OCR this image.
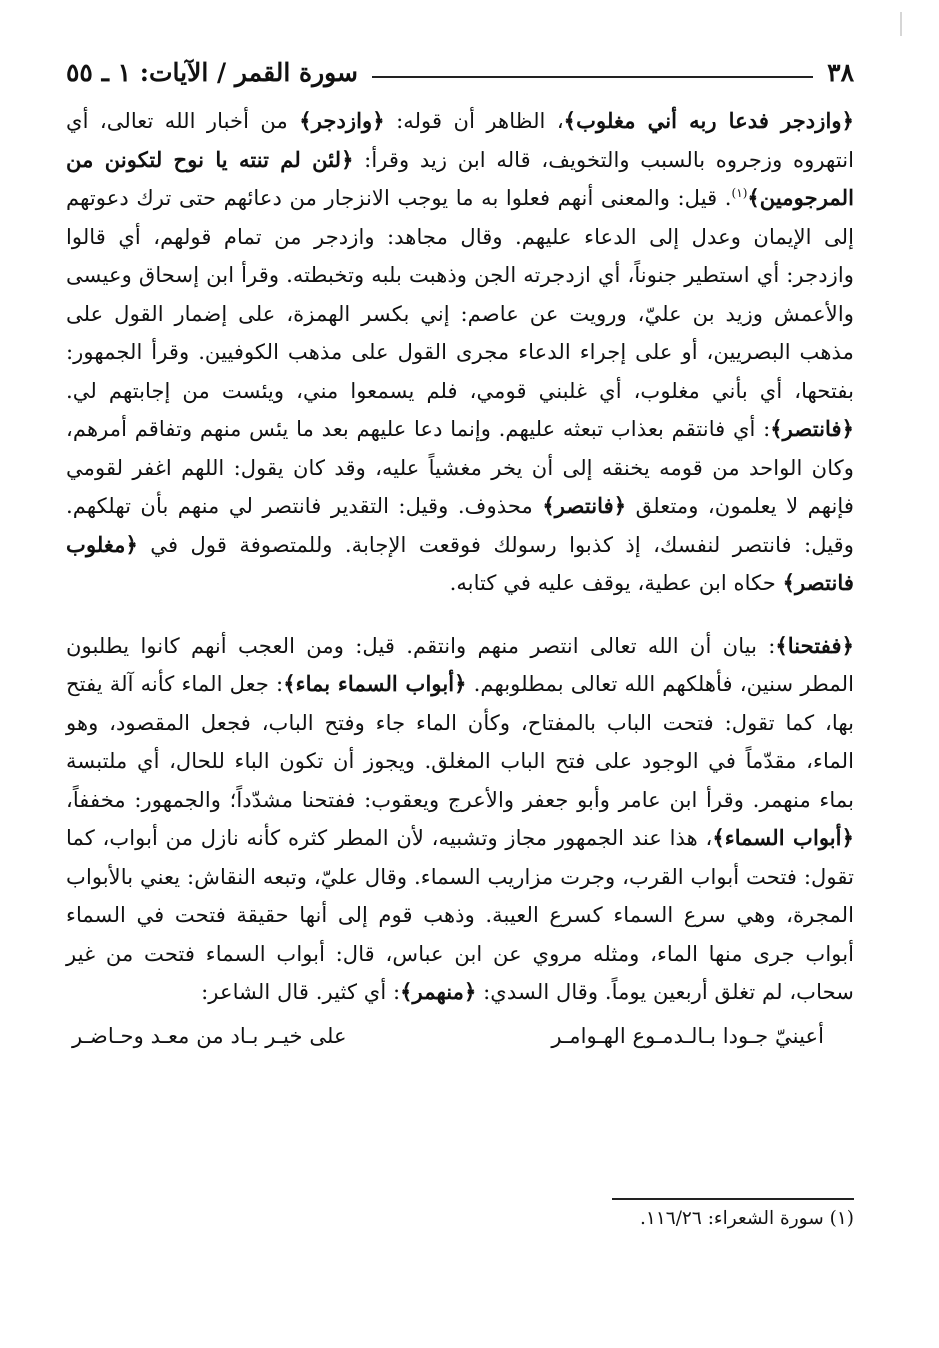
٣٨
سورة القمر / الآيات: ١ ـ ٥٥

﴿وازدجر فدعا ربه أني مغلوب﴾، الظاهر أن قوله: ﴿وازدجر﴾ من أخبار الله تعالى، أي انتهروه وزجروه بالسبب والتخويف، قاله ابن زيد وقرأ: ﴿لئن لم تنته يا نوح لتكونن من المرجومين﴾$^{(١)}$. قيل: والمعنى أنهم فعلوا به ما يوجب الانزجار من دعائهم حتى ترك دعوتهم إلى الإيمان وعدل إلى الدعاء عليهم. وقال مجاهد: وازدجر من تمام قولهم، أي قالوا وازدجر: أي استطير جنوناً، أي ازدجرته الجن وذهبت بلبه وتخبطته. وقرأ ابن إسحاق وعيسى والأعمش وزيد بن عليّ، ورويت عن عاصم: إني بكسر الهمزة، على إضمار القول على مذهب البصريين، أو على إجراء الدعاء مجرى القول على مذهب الكوفيين. وقرأ الجمهور: بفتحها، أي بأني مغلوب، أي غلبني قومي، فلم يسمعوا مني، ويئست من إجابتهم لي. ﴿فانتصر﴾: أي فانتقم بعذاب تبعثه عليهم. وإنما دعا عليهم بعد ما يئس منهم وتفاقم أمرهم، وكان الواحد من قومه يخنقه إلى أن يخر مغشياً عليه، وقد كان يقول: اللهم اغفر لقومي فإنهم لا يعلمون، ومتعلق ﴿فانتصر﴾ محذوف. وقيل: التقدير فانتصر لي منهم بأن تهلكهم. وقيل: فانتصر لنفسك، إذ كذبوا رسولك فوقعت الإجابة. وللمتصوفة قول في ﴿مغلوب فانتصر﴾ حكاه ابن عطية، يوقف عليه في كتابه.

﴿ففتحنا﴾: بيان أن الله تعالى انتصر منهم وانتقم. قيل: ومن العجب أنهم كانوا يطلبون المطر سنين، فأهلكهم الله تعالى بمطلوبهم. ﴿أبواب السماء بماء﴾: جعل الماء كأنه آلة يفتح بها، كما تقول: فتحت الباب بالمفتاح، وكأن الماء جاء وفتح الباب، فجعل المقصود، وهو الماء، مقدّماً في الوجود على فتح الباب المغلق. ويجوز أن تكون الباء للحال، أي ملتبسة بماء منهمر. وقرأ ابن عامر وأبو جعفر والأعرج ويعقوب: ففتحنا مشدّداً؛ والجمهور: مخففاً، ﴿أبواب السماء﴾، هذا عند الجمهور مجاز وتشبيه، لأن المطر كثره كأنه نازل من أبواب، كما تقول: فتحت أبواب القرب، وجرت مزاريب السماء. وقال عليّ، وتبعه النقاش: يعني بالأبواب المجرة، وهي سرع السماء كسرع العيبة. وذهب قوم إلى أنها حقيقة فتحت في السماء أبواب جرى منها الماء، ومثله مروي عن ابن عباس، قال: أبواب السماء فتحت من غير سحاب، لم تغلق أربعين يوماً. وقال السدي: ﴿منهمر﴾: أي كثير. قال الشاعر:

أعينيّ جـودا بـالـدمـوع الهـوامـر
على خيـر بـاد من معـد وحـاضـر
(١) سورة الشعراء: ١١٦/٢٦.
